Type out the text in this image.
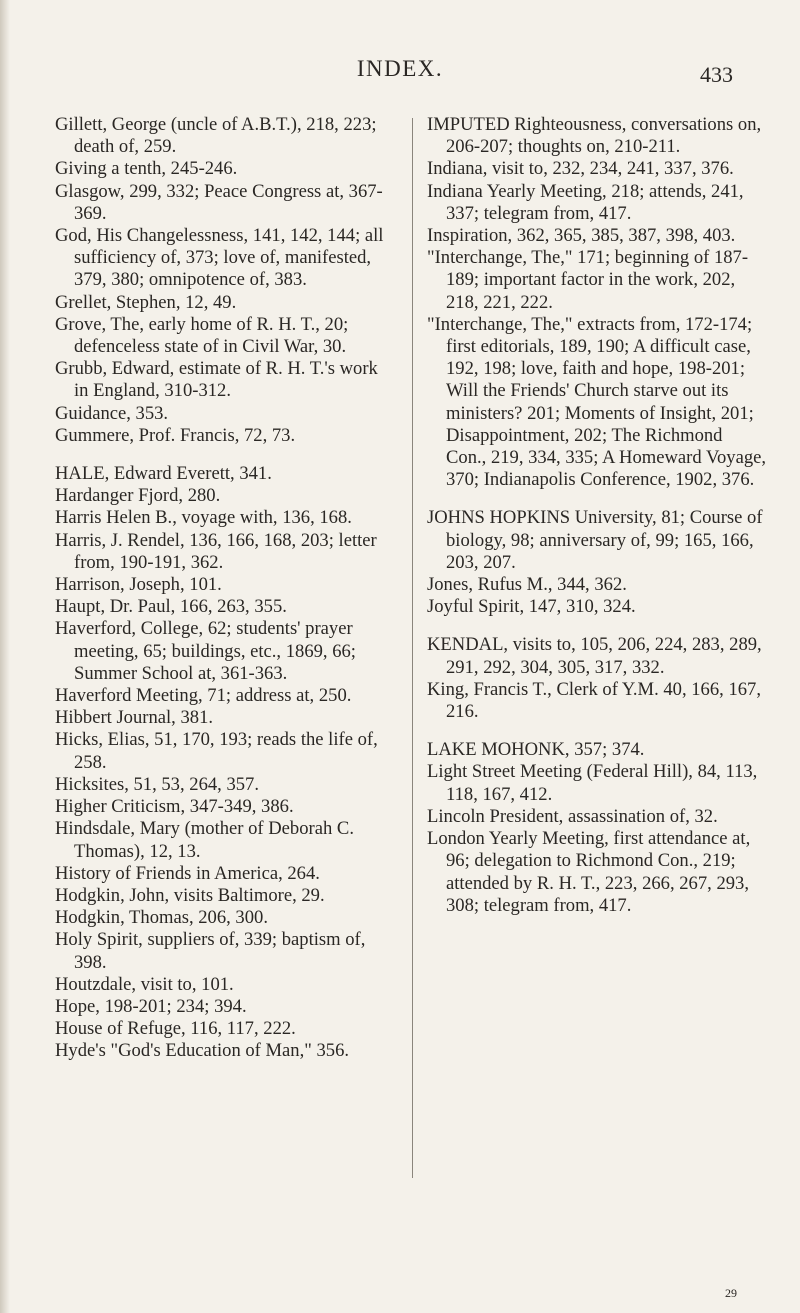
INDEX.	433
Gillett, George (uncle of A.B.T.), 218, 223; death of, 259.
Giving a tenth, 245-246.
Glasgow, 299, 332; Peace Congress at, 367-369.
God, His Changelessness, 141, 142, 144; all sufficiency of, 373; love of, manifested, 379, 380; omnipotence of, 383.
Grellet, Stephen, 12, 49.
Grove, The, early home of R. H. T., 20; defenceless state of in Civil War, 30.
Grubb, Edward, estimate of R. H. T.'s work in England, 310-312.
Guidance, 353.
Gummere, Prof. Francis, 72, 73.
HALE, Edward Everett, 341.
Hardanger Fjord, 280.
Harris Helen B., voyage with, 136, 168.
Harris, J. Rendel, 136, 166, 168, 203; letter from, 190-191, 362.
Harrison, Joseph, 101.
Haupt, Dr. Paul, 166, 263, 355.
Haverford, College, 62; students' prayer meeting, 65; buildings, etc., 1869, 66; Summer School at, 361-363.
Haverford Meeting, 71; address at, 250.
Hibbert Journal, 381.
Hicks, Elias, 51, 170, 193; reads the life of, 258.
Hicksites, 51, 53, 264, 357.
Higher Criticism, 347-349, 386.
Hindsdale, Mary (mother of Deborah C. Thomas), 12, 13.
History of Friends in America, 264.
Hodgkin, John, visits Baltimore, 29.
Hodgkin, Thomas, 206, 300.
Holy Spirit, suppliers of, 339; baptism of, 398.
Houtzdale, visit to, 101.
Hope, 198-201; 234; 394.
House of Refuge, 116, 117, 222.
Hyde's "God's Education of Man," 356.
IMPUTED Righteousness, conversations on, 206-207; thoughts on, 210-211.
Indiana, visit to, 232, 234, 241, 337, 376.
Indiana Yearly Meeting, 218; attends, 241, 337; telegram from, 417.
Inspiration, 362, 365, 385, 387, 398, 403.
"Interchange, The," 171; beginning of 187-189; important factor in the work, 202, 218, 221, 222.
"Interchange, The," extracts from, 172-174; first editorials, 189, 190; A difficult case, 192, 198; love, faith and hope, 198-201; Will the Friends' Church starve out its ministers? 201; Moments of Insight, 201; Disappointment, 202; The Richmond Con., 219, 334, 335; A Homeward Voyage, 370; Indianapolis Conference, 1902, 376.
JOHNS HOPKINS University, 81; Course of biology, 98; anniversary of, 99; 165, 166, 203, 207.
Jones, Rufus M., 344, 362.
Joyful Spirit, 147, 310, 324.
KENDAL, visits to, 105, 206, 224, 283, 289, 291, 292, 304, 305, 317, 332.
King, Francis T., Clerk of Y.M. 40, 166, 167, 216.
LAKE MOHONK, 357; 374.
Light Street Meeting (Federal Hill), 84, 113, 118, 167, 412.
Lincoln President, assassination of, 32.
London Yearly Meeting, first attendance at, 96; delegation to Richmond Con., 219; attended by R. H. T., 223, 266, 267, 293, 308; telegram from, 417.
29
